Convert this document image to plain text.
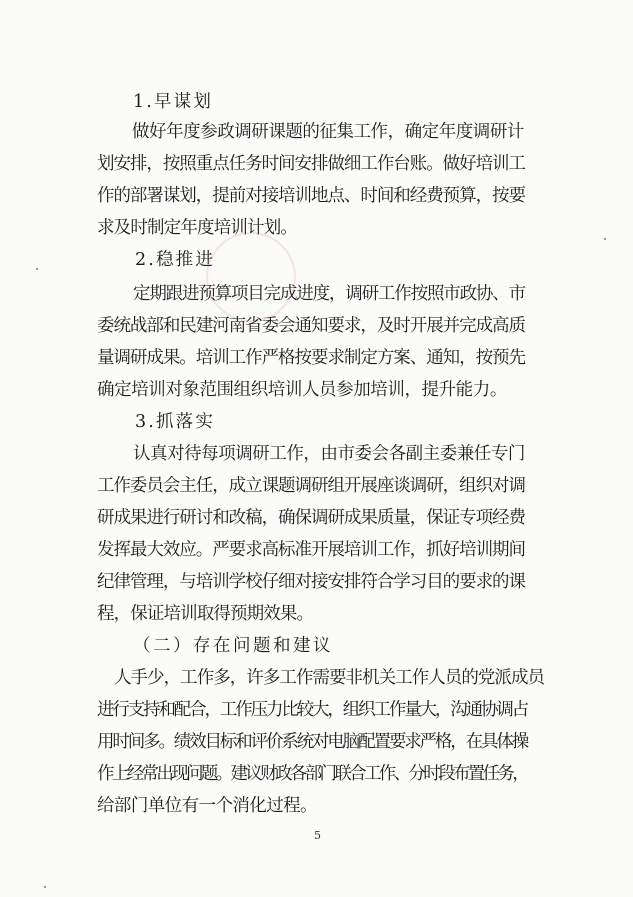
1.早谋划
做好年度参政调研课题的征集工作，确定年度调研计
划安排，按照重点任务时间安排做细工作台账。做好培训工
作的部署谋划，提前对接培训地点、时间和经费预算，按要
求及时制定年度培训计划。
2.稳推进
定期跟进预算项目完成进度，调研工作按照市政协、市
委统战部和民建河南省委会通知要求，及时开展并完成高质
量调研成果。培训工作严格按要求制定方案、通知，按预先
确定培训对象范围组织培训人员参加培训，提升能力。
3.抓落实
认真对待每项调研工作，由市委会各副主委兼任专门
工作委员会主任，成立课题调研组开展座谈调研，组织对调
研成果进行研讨和改稿，确保调研成果质量，保证专项经费
发挥最大效应。严要求高标准开展培训工作，抓好培训期间
纪律管理，与培训学校仔细对接安排符合学习目的要求的课
程，保证培训取得预期效果。
（二）存在问题和建议
人手少，工作多，许多工作需要非机关工作人员的党派成员
进行支持和配合，工作压力比较大，组织工作量大，沟通协调占
用时间多。绩效目标和评价系统对电脑配置要求严格，在具体操
作上经常出现问题。建议财政各部门联合工作、分时段布置任务，
给部门单位有一个消化过程。
5
